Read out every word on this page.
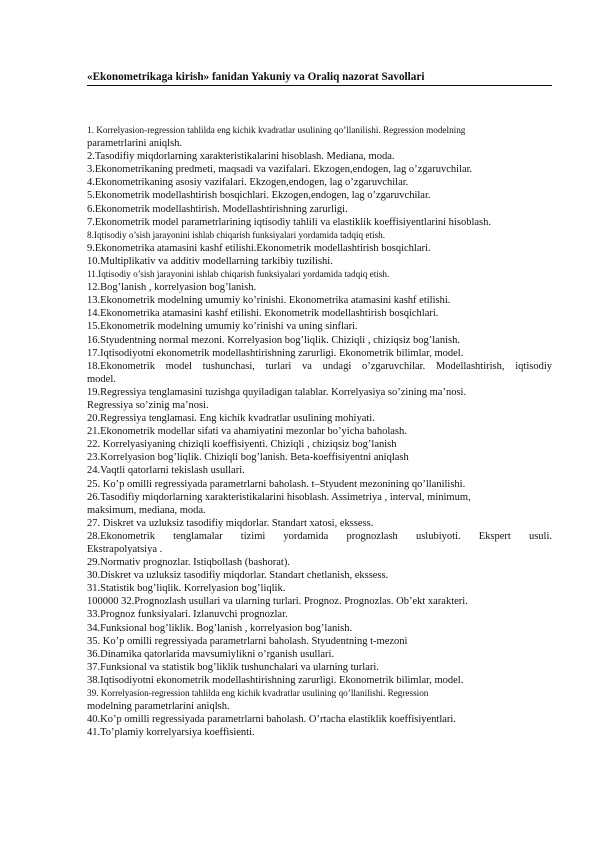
«Ekonometrikaga kirish» fanidan Yakuniy va Oraliq nazorat Savollari
1. Korrelyasion-regression tahlilda eng kichik kvadratlar usulining qo’llanilishi. Regression modelning
parametrlarini aniqlsh.
2.Tasodifiy miqdorlarning xarakteristikalarini hisoblash. Mediana, moda.
3.Ekonometrikaning predmeti, maqsadi va vazifalari. Ekzogen,endogen, lag o’zgaruvchilar.
4.Ekonometrikaning asosiy vazifalari. Ekzogen,endogen, lag o’zgaruvchilar.
5.Ekonometrik modellashtirish bosqichlari. Ekzogen,endogen, lag o’zgaruvchilar.
6.Ekonometrik modellashtirish. Modellashtirishning zarurligi.
7.Ekonometrik model parametrlarining iqtisodiy tahlili va elastiklik koeffisiyentlarini hisoblash.
8.Iqtisodiy o’sish jarayonini ishlab chiqarish funksiyalari yordamida tadqiq etish.
9.Ekonometrika atamasini kashf etilishi.Ekonometrik modellashtirish bosqichlari.
10.Multiplikativ va additiv modellarning tarkibiy tuzilishi.
11.Iqtisodiy o’sish jarayonini ishlab chiqarish funksiyalari yordamida tadqiq etish.
12.Bog’lanish , korrelyasion bog’lanish.
13.Ekonometrik modelning umumiy ko’rinishi. Ekonometrika atamasini kashf etilishi.
14.Ekonometrika atamasini kashf etilishi. Ekonometrik modellashtirish bosqichlari.
15.Ekonometrik modelning umumiy ko’rinishi va uning sinflari.
16.Styudentning normal mezoni. Korrelyasion bog’liqlik. Chiziqli , chiziqsiz bog’lanish.
17.Iqtisodiyotni ekonometrik modellashtirishning zarurligi. Ekonometrik bilimlar, model.
18.Ekonometrik model tushunchasi, turlari va undagi o’zgaruvchilar. Modellashtirish, iqtisodiy
model.
19.Regressiya tenglamasini tuzishga quyiladigan talablar. Korrelyasiya so’zining ma’nosi.
Regressiya so’zinig ma’nosi.
20.Regressiya tenglamasi. Eng kichik kvadratlar usulining mohiyati.
21.Ekonometrik modellar sifati va ahamiyatini mezonlar bo’yicha baholash.
22. Korrelyasiyaning chiziqli koeffisiyenti. Chiziqli , chiziqsiz bog’lanish
23.Korrelyasion bog’liqlik. Chiziqli bog’lanish. Beta-koeffisiyentni aniqlash
24.Vaqtli qatorlarni tekislash usullari.
25. Ko’p omilli regressiyada parametrlarni baholash. t–Styudent mezonining qo’llanilishi.
26.Tasodifiy miqdorlarning xarakteristikalarini hisoblash. Assimetriya , interval, minimum,
maksimum, mediana, moda.
27. Diskret va uzluksiz tasodifiy miqdorlar. Standart xatosi, ekssess.
28.Ekonometrik tenglamalar tizimi yordamida prognozlash uslubiyoti. Ekspert usuli.
Ekstrapolyatsiya .
29.Normativ prognozlar. Istiqbollash (bashorat).
30.Diskret va uzluksiz tasodifiy miqdorlar. Standart chetlanish, ekssess.
31.Statistik bog’liqlik. Korrelyasion bog’liqlik.
100000 32.Prognozlash usullari va ularning turlari. Prognoz. Prognozlas. Ob’ekt xarakteri.
33.Prognoz funksiyalari. Izlanuvchi prognozlar.
34.Funksional bog’liklik. Bog’lanish , korrelyasion bog’lanish.
35. Ko’p omilli regressiyada parametrlarni baholash. Styudentning t-mezoni
36.Dinamika qatorlarida mavsumiylikni o’rganish usullari.
37.Funksional va statistik bog’liklik tushunchalari va ularning turlari.
38.Iqtisodiyotni ekonometrik modellashtirishning zarurligi. Ekonometrik bilimlar, model.
39. Korrelyasion-regression tahlilda eng kichik kvadratlar usulining qo’llanilishi. Regression
modelning parametrlarini aniqlsh.
40.Ko’p omilli regressiyada parametrlarni baholash. O’rtacha elastiklik koeffisiyentlari.
41.To’plamiy korrelyarsiya koeffisienti.
